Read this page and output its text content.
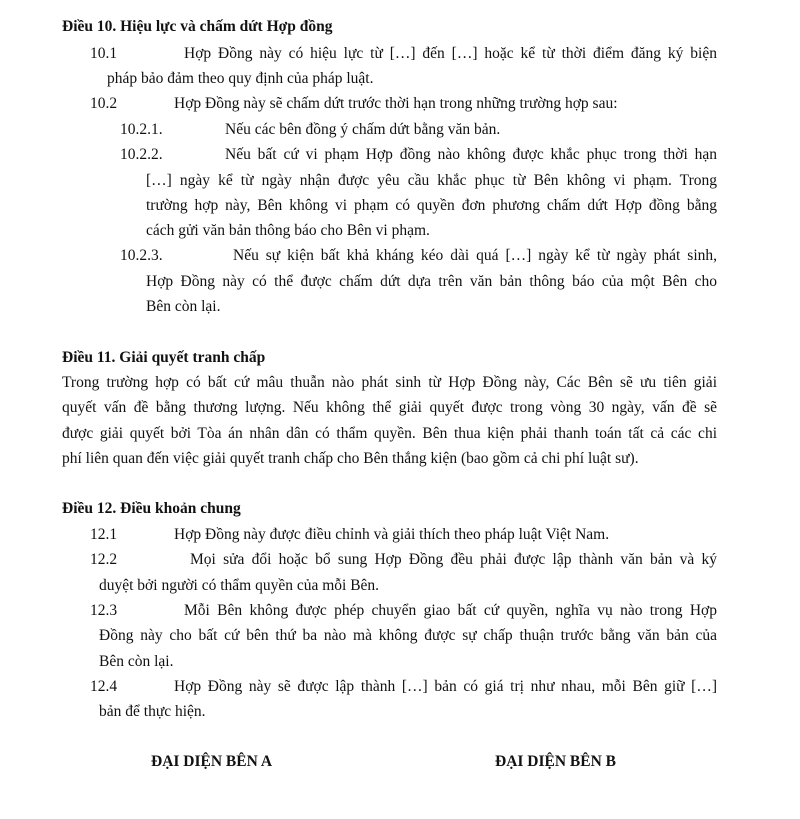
Điều 10. Hiệu lực và chấm dứt Hợp đồng
10.1	Hợp Đồng này có hiệu lực từ […] đến […] hoặc kể từ thời điểm đăng ký biện
pháp bảo đảm theo quy định của pháp luật.
10.2	Hợp Đồng này sẽ chấm dứt trước thời hạn trong những trường hợp sau:
10.2.1.	Nếu các bên đồng ý chấm dứt bằng văn bản.
10.2.2.	Nếu bất cứ vi phạm Hợp đồng nào không được khắc phục trong thời hạn
[…] ngày kể từ ngày nhận được yêu cầu khắc phục từ Bên không vi phạm. Trong
trường hợp này, Bên không vi phạm có quyền đơn phương chấm dứt Hợp đồng bằng
cách gửi văn bản thông báo cho Bên vi phạm.
10.2.3.	Nếu sự kiện bất khả kháng kéo dài quá […] ngày kể từ ngày phát sinh,
Hợp Đồng này có thể được chấm dứt dựa trên văn bản thông báo của một Bên cho
Bên còn lại.
Điều 11. Giải quyết tranh chấp
Trong trường hợp có bất cứ mâu thuẫn nào phát sinh từ Hợp Đồng này, Các Bên sẽ ưu tiên giải
quyết vấn đề bằng thương lượng. Nếu không thể giải quyết được trong vòng 30 ngày, vấn đề sẽ
được giải quyết bởi Tòa án nhân dân có thẩm quyền. Bên thua kiện phải thanh toán tất cả các chi
phí liên quan đến việc giải quyết tranh chấp cho Bên thắng kiện (bao gồm cả chi phí luật sư).
Điều 12. Điều khoản chung
12.1	Hợp Đồng này được điều chỉnh và giải thích theo pháp luật Việt Nam.
12.2	Mọi sửa đổi hoặc bổ sung Hợp Đồng đều phải được lập thành văn bản và ký
duyệt bởi người có thẩm quyền của mỗi Bên.
12.3	Mỗi Bên không được phép chuyển giao bất cứ quyền, nghĩa vụ nào trong Hợp
Đồng này cho bất cứ bên thứ ba nào mà không được sự chấp thuận trước bằng văn bản của
Bên còn lại.
12.4	Hợp Đồng này sẽ được lập thành […] bản có giá trị như nhau, mỗi Bên giữ […]
bản để thực hiện.
ĐẠI DIỆN BÊN A	ĐẠI DIỆN BÊN B
